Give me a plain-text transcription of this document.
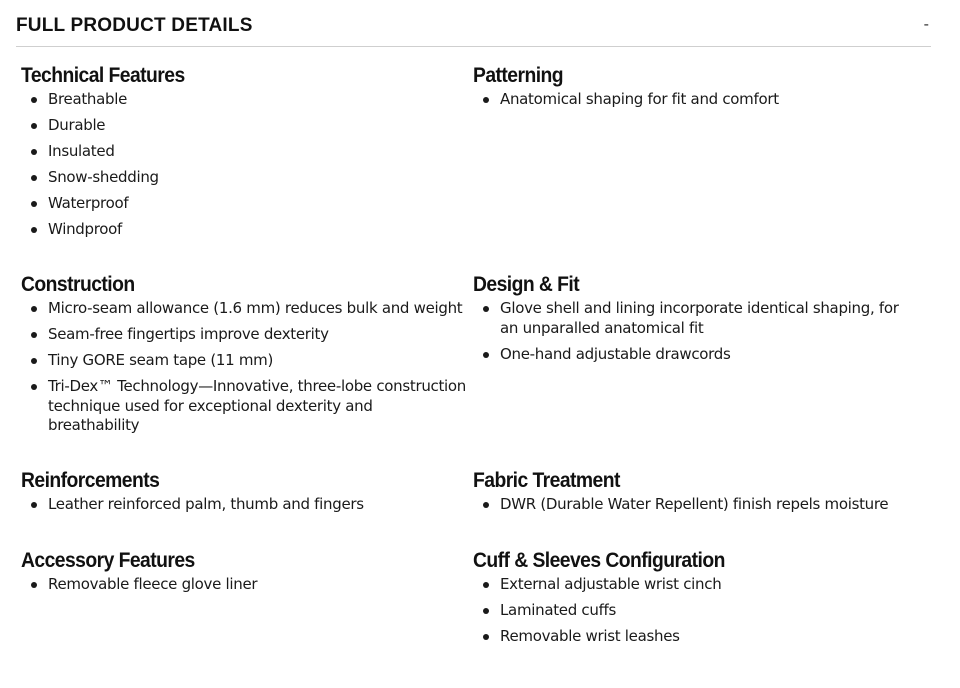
FULL PRODUCT DETAILS	-
Technical Features
Breathable
Durable
Insulated
Snow-shedding
Waterproof
Windproof
Patterning
Anatomical shaping for fit and comfort
Construction
Micro-seam allowance (1.6 mm) reduces bulk and weight
Seam-free fingertips improve dexterity
Tiny GORE seam tape (11 mm)
Tri-Dex™ Technology—Innovative, three-lobe construction technique used for exceptional dexterity and breathability
Design & Fit
Glove shell and lining incorporate identical shaping, for an unparalled anatomical fit
One-hand adjustable drawcords
Reinforcements
Leather reinforced palm, thumb and fingers
Fabric Treatment
DWR (Durable Water Repellent) finish repels moisture
Accessory Features
Removable fleece glove liner
Cuff & Sleeves Configuration
External adjustable wrist cinch
Laminated cuffs
Removable wrist leashes
